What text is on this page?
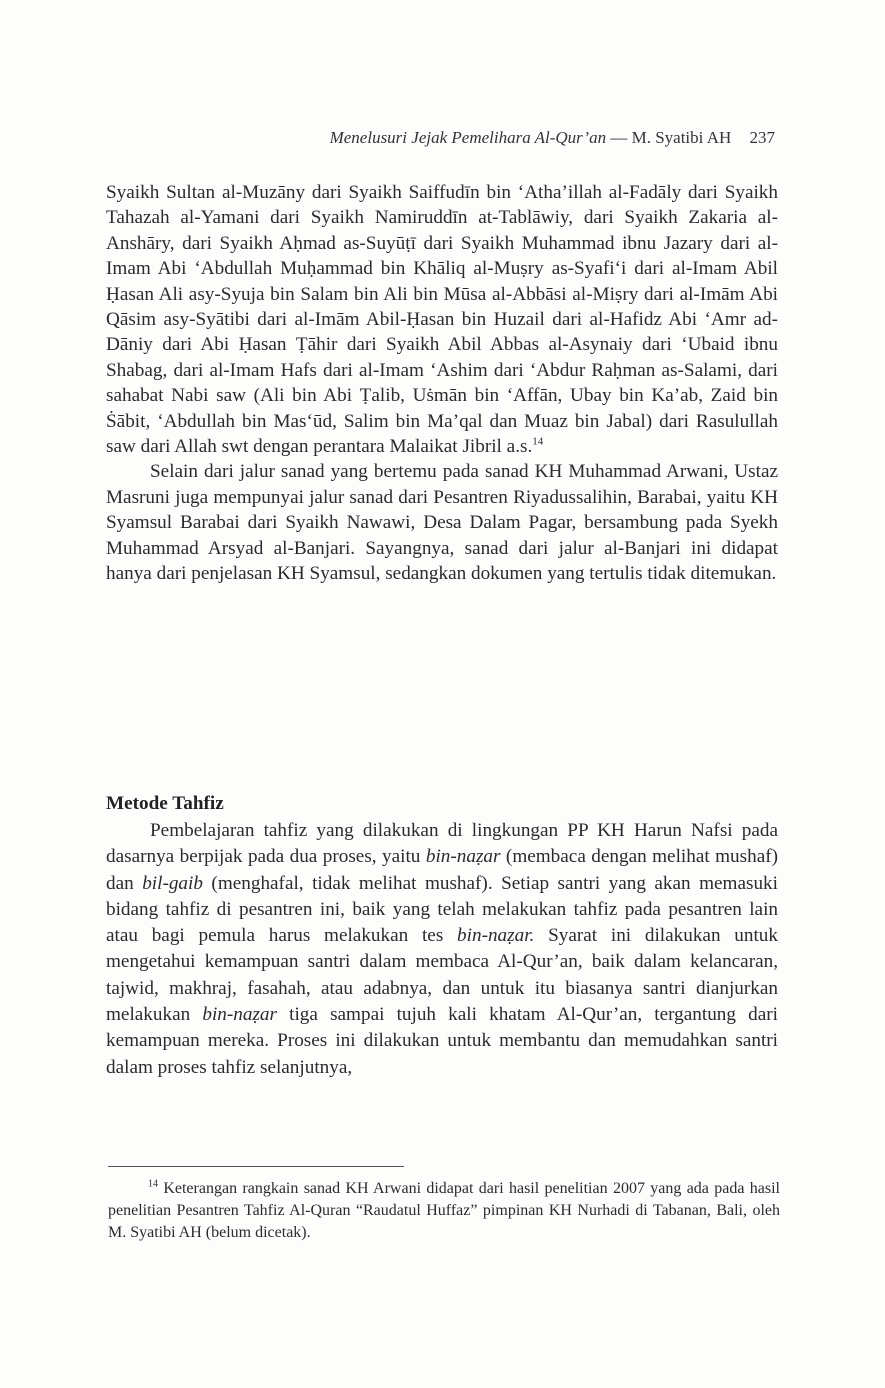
Menelusuri Jejak Pemelihara Al-Qur’an — M. Syatibi AH 237

Syaikh Sultan al-Muzāny dari Syaikh Saiffudīn bin ‘Atha’illah al-Fadāly dari Syaikh Tahazah al-Yamani dari Syaikh Namiruddīn at-Tablāwiy, dari Syaikh Zakaria al-Anshāry, dari Syaikh Aḥmad as-Suyūṭī dari Syaikh Muhammad ibnu Jazary dari al-Imam Abi ‘Abdullah Muḥammad bin Khāliq al-Muṣry as-Syafi‘i dari al-Imam Abil Ḥasan Ali asy-Syuja bin Salam bin Ali bin Mūsa al-Abbāsi al-Miṣry dari al-Imām Abi Qāsim asy-Syātibi dari al-Imām Abil-Ḥasan bin Huzail dari al-Hafidz Abi ‘Amr ad-Dāniy dari Abi Ḥasan Ṭāhir dari Syaikh Abil Abbas al-Asynaiy dari ‘Ubaid ibnu Shabag, dari al-Imam Hafs dari al-Imam ‘Ashim dari ‘Abdur Raḥman as-Salami, dari sahabat Nabi saw (Ali bin Abi Ṭalib, Uṡmān bin ‘Affān, Ubay bin Ka’ab, Zaid bin Ṡābit, ‘Abdullah bin Mas‘ūd, Salim bin Ma’qal dan Muaz bin Jabal) dari Rasulullah saw dari Allah swt dengan perantara Malaikat Jibril a.s.$^{14}$

Selain dari jalur sanad yang bertemu pada sanad KH Muhammad Arwani, Ustaz Masruni juga mempunyai jalur sanad dari Pesantren Riyadussalihin, Barabai, yaitu KH Syamsul Barabai dari Syaikh Nawawi, Desa Dalam Pagar, bersambung pada Syekh Muhammad Arsyad al-Banjari. Sayangnya, sanad dari jalur al-Banjari ini didapat hanya dari penjelasan KH Syamsul, sedangkan dokumen yang tertulis tidak ditemukan.

Metode Tahfiz

Pembelajaran tahfiz yang dilakukan di lingkungan PP KH Harun Nafsi pada dasarnya berpijak pada dua proses, yaitu bin-naẓar (membaca dengan melihat mushaf) dan bil-gaib (menghafal, tidak melihat mushaf). Setiap santri yang akan memasuki bidang tahfiz di pesantren ini, baik yang telah melakukan tahfiz pada pesantren lain atau bagi pemula harus melakukan tes bin-naẓar. Syarat ini dilakukan untuk mengetahui kemampuan santri dalam membaca Al-Qur’an, baik dalam kelancaran, tajwid, makhraj, fasahah, atau adabnya, dan untuk itu biasanya santri dianjurkan melakukan bin-naẓar tiga sampai tujuh kali khatam Al-Qur’an, tergantung dari kemampuan mereka. Proses ini dilakukan untuk membantu dan memudahkan santri dalam proses tahfiz selanjutnya,

$^{14}$ Keterangan rangkain sanad KH Arwani didapat dari hasil penelitian 2007 yang ada pada hasil penelitian Pesantren Tahfiz Al-Quran “Raudatul Huffaz” pimpinan KH Nurhadi di Tabanan, Bali, oleh M. Syatibi AH (belum dicetak).
